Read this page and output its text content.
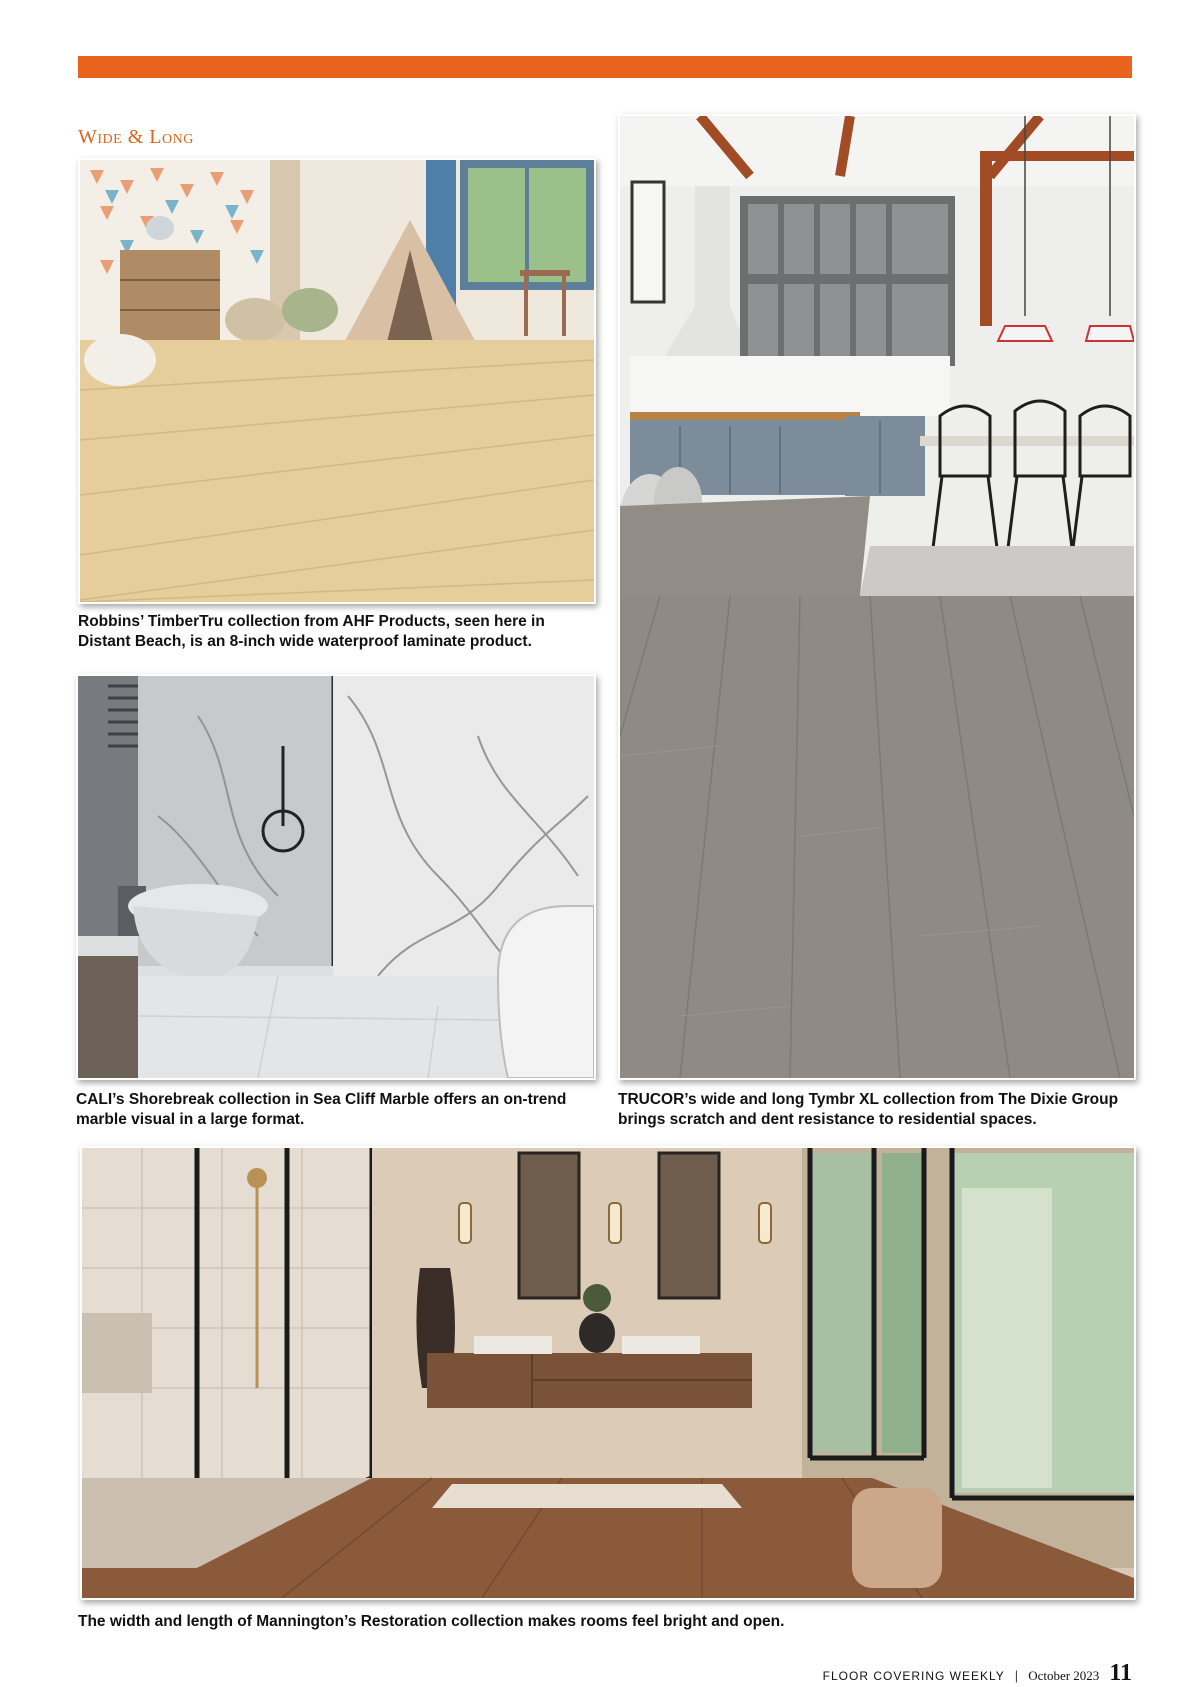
Wide & Long
Robbins’ TimberTru collection from AHF Products, seen here in Distant Beach, is an 8-inch wide waterproof laminate product.
CALI’s Shorebreak collection in Sea Cliff Marble offers an on-trend marble visual in a large format.
TRUCOR’s wide and long Tymbr XL collection from The Dixie Group brings scratch and dent resistance to residential spaces.
The width and length of Mannington’s Restoration collection makes rooms feel bright and open.
FLOOR COVERING WEEKLY | October 2023 11
